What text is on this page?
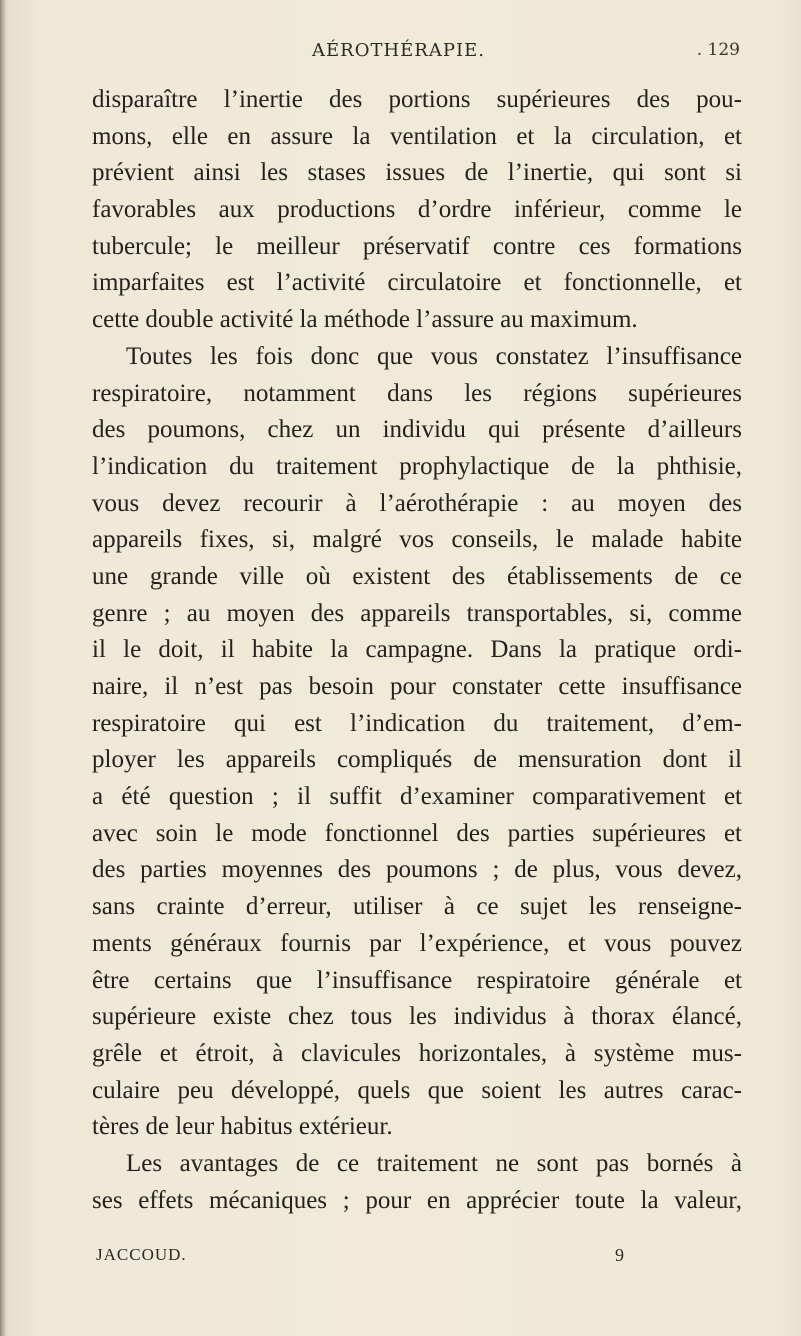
AÉROTHÉRAPIE.	. 129
disparaître l’inertie des portions supérieures des pou-
mons, elle en assure la ventilation et la circulation, et
prévient ainsi les stases issues de l’inertie, qui sont si
favorables aux productions d’ordre inférieur, comme le
tubercule; le meilleur préservatif contre ces formations
imparfaites est l’activité circulatoire et fonctionnelle, et
cette double activité la méthode l’assure au maximum.
Toutes les fois donc que vous constatez l’insuffisance
respiratoire, notamment dans les régions supérieures
des poumons, chez un individu qui présente d’ailleurs
l’indication du traitement prophylactique de la phthisie,
vous devez recourir à l’aérothérapie : au moyen des
appareils fixes, si, malgré vos conseils, le malade habite
une grande ville où existent des établissements de ce
genre ; au moyen des appareils transportables, si, comme
il le doit, il habite la campagne. Dans la pratique ordi-
naire, il n’est pas besoin pour constater cette insuffisance
respiratoire qui est l’indication du traitement, d’em-
ployer les appareils compliqués de mensuration dont il
a été question ; il suffit d’examiner comparativement et
avec soin le mode fonctionnel des parties supérieures et
des parties moyennes des poumons ; de plus, vous devez,
sans crainte d’erreur, utiliser à ce sujet les renseigne-
ments généraux fournis par l’expérience, et vous pouvez
être certains que l’insuffisance respiratoire générale et
supérieure existe chez tous les individus à thorax élancé,
grêle et étroit, à clavicules horizontales, à système mus-
culaire peu développé, quels que soient les autres carac-
tères de leur habitus extérieur.
Les avantages de ce traitement ne sont pas bornés à
ses effets mécaniques ; pour en apprécier toute la valeur,
JACCOUD.	9
